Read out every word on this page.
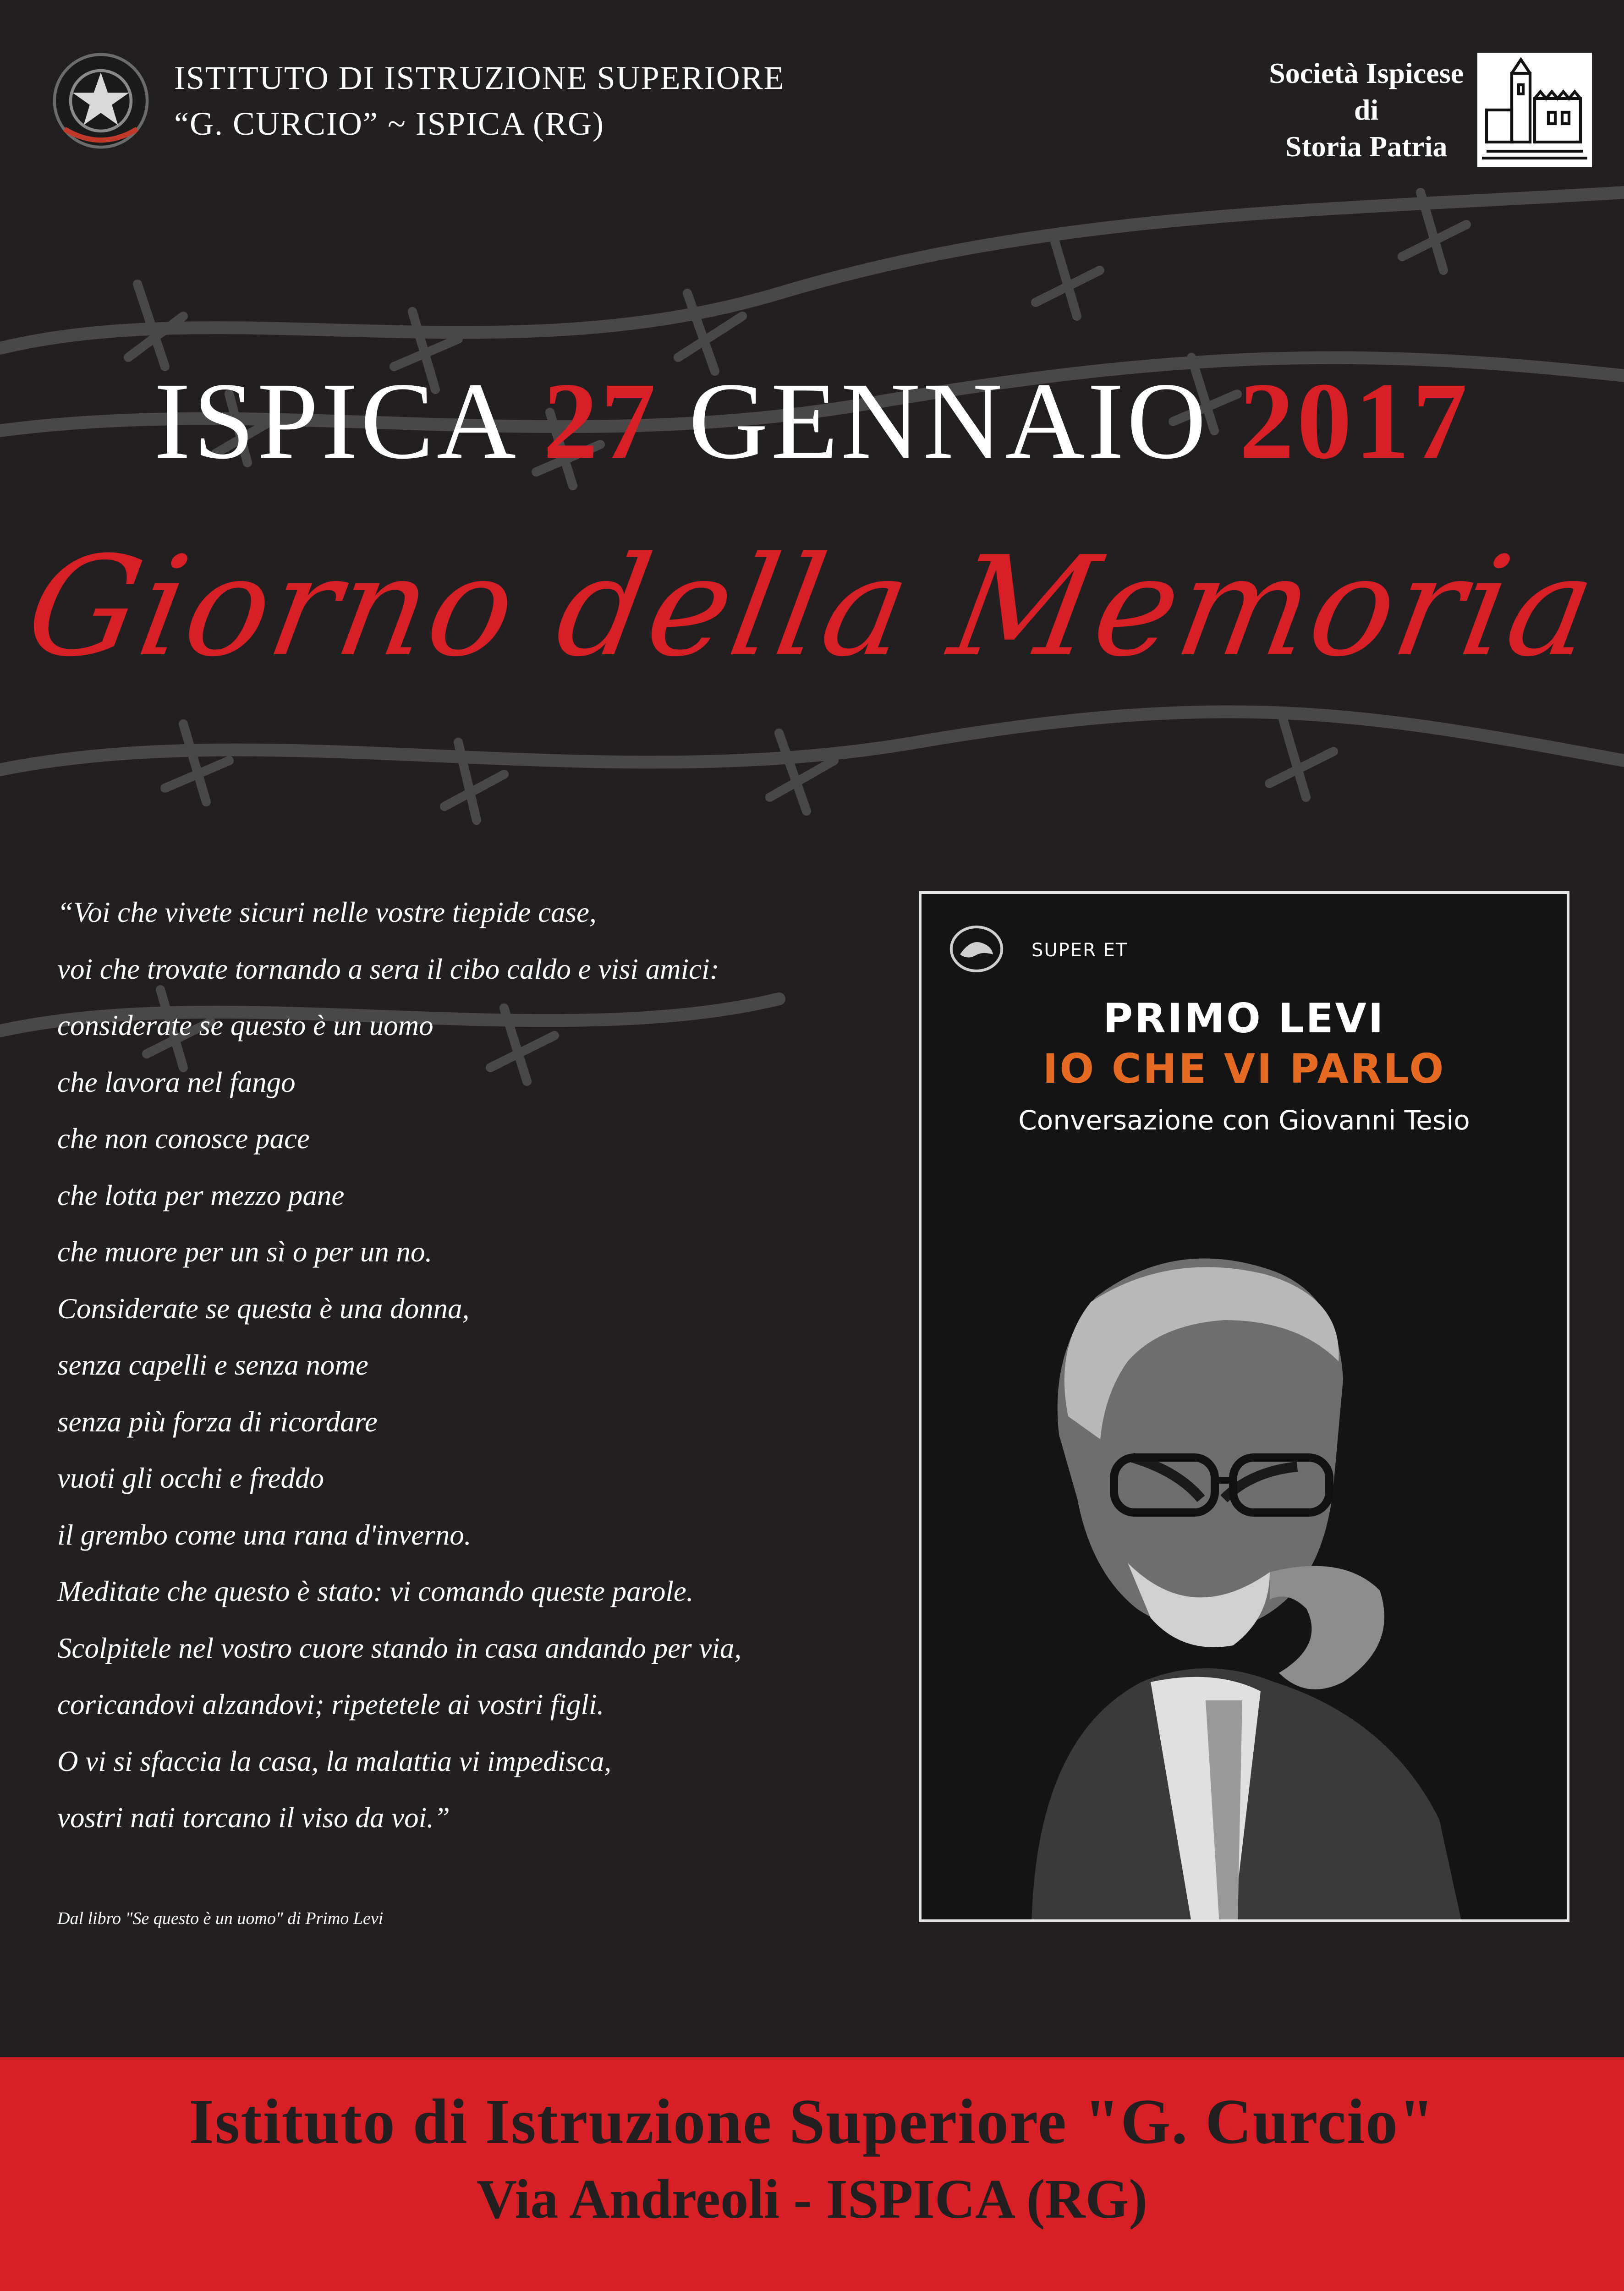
ISTITUTO DI ISTRUZIONE SUPERIORE
“G. CURCIO” ~ ISPICA (RG)
Società Ispicese
di
Storia Patria
ISPICA 27 GENNAIO 2017
Giorno della Memoria
“Voi che vivete sicuri nelle vostre tiepide case,
voi che trovate tornando a sera il cibo caldo e visi amici:
considerate se questo è un uomo
che lavora nel fango
che non conosce pace
che lotta per mezzo pane
che muore per un sì o per un no.
Considerate se questa è una donna,
senza capelli e senza nome
senza più forza di ricordare
vuoti gli occhi e freddo
il grembo come una rana d'inverno.
Meditate che questo è stato: vi comando queste parole.
Scolpitele nel vostro cuore stando in casa andando per via,
coricandovi alzandovi; ripetetele ai vostri figli.
O vi si sfaccia la casa, la malattia vi impedisca,
vostri nati torcano il viso da voi.”
Dal libro "Se questo è un uomo" di Primo Levi
SUPER ET
PRIMO LEVI
IO CHE VI PARLO
Conversazione con Giovanni Tesio
Istituto di Istruzione Superiore "G. Curcio"
Via Andreoli - ISPICA (RG)
